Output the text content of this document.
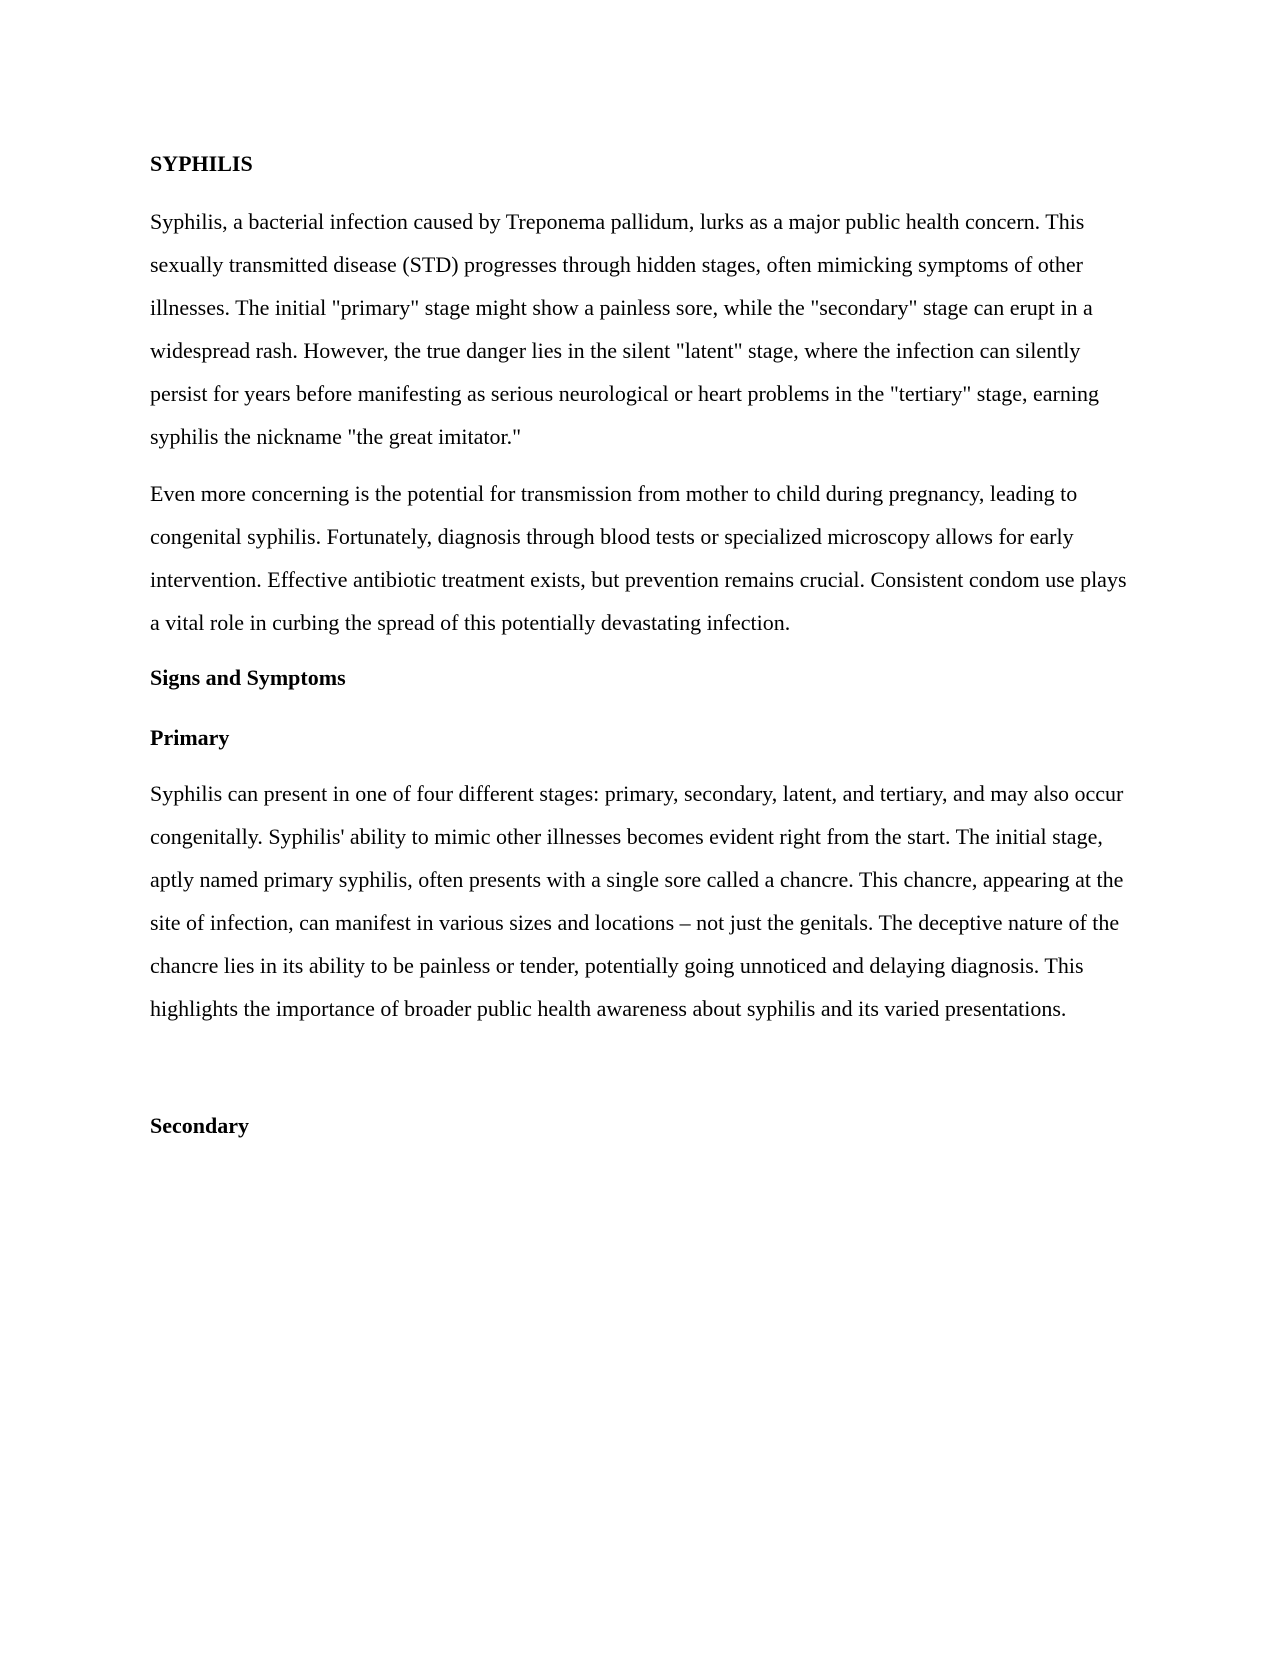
SYPHILIS

Syphilis, a bacterial infection caused by Treponema pallidum, lurks as a major public health concern. This sexually transmitted disease (STD) progresses through hidden stages, often mimicking symptoms of other illnesses. The initial "primary" stage might show a painless sore, while the "secondary" stage can erupt in a widespread rash. However, the true danger lies in the silent "latent" stage, where the infection can silently persist for years before manifesting as serious neurological or heart problems in the "tertiary" stage, earning syphilis the nickname "the great imitator."

Even more concerning is the potential for transmission from mother to child during pregnancy, leading to congenital syphilis. Fortunately, diagnosis through blood tests or specialized microscopy allows for early intervention. Effective antibiotic treatment exists, but prevention remains crucial. Consistent condom use plays a vital role in curbing the spread of this potentially devastating infection.

Signs and Symptoms

Primary

Syphilis can present in one of four different stages: primary, secondary, latent, and tertiary, and may also occur congenitally. Syphilis' ability to mimic other illnesses becomes evident right from the start. The initial stage, aptly named primary syphilis, often presents with a single sore called a chancre. This chancre, appearing at the site of infection, can manifest in various sizes and locations – not just the genitals. The deceptive nature of the chancre lies in its ability to be painless or tender, potentially going unnoticed and delaying diagnosis. This highlights the importance of broader public health awareness about syphilis and its varied presentations.

Secondary
